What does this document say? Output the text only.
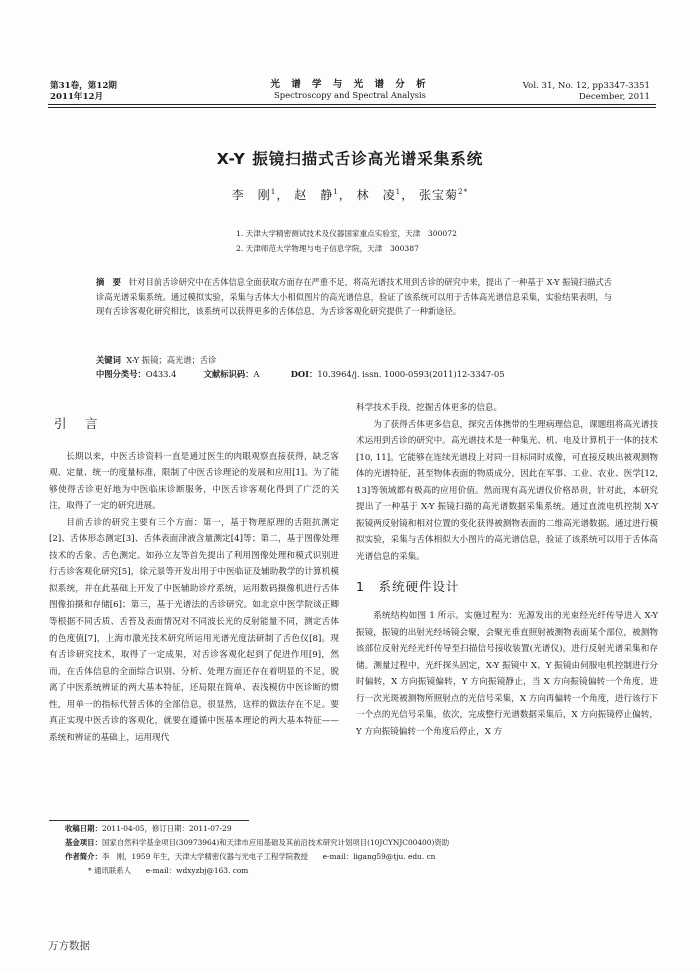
第31卷，第12期
2011年12月
光 谱 学 与 光 谱 分 析
Spectroscopy and Spectral Analysis
Vol. 31, No. 12, pp3347-3351
December, 2011
X-Y 振镜扫描式舌诊高光谱采集系统
李　刚$^1$， 赵　静$^1$， 林　凌$^1$， 张宝菊$^{2*}$
1. 天津大学精密测试技术及仪器国家重点实验室，天津　300072
2. 天津师范大学物理与电子信息学院，天津　300387
摘　要 针对目前舌诊研究中在舌体信息全面获取方面存在严重不足，将高光谱技术用到舌诊的研究中来，提出了一种基于 X-Y 振镜扫描式舌诊高光谱采集系统。通过模拟实验，采集与舌体大小相似图片的高光谱信息，验证了该系统可以用于舌体高光谱信息采集，实验结果表明，与现有舌诊客观化研究相比，该系统可以获得更多的舌体信息，为舌诊客观化研究提供了一种新途径。
关键词 X-Y 振镜；高光谱；舌诊
中图分类号：O433.4	文献标识码：A	DOI：10.3964/j. issn. 1000-0593(2011)12-3347-05
引　言

长期以来，中医舌诊资料一直是通过医生的肉眼观察直接获得，缺乏客观、定量、统一的度量标准，限制了中医舌诊理论的发展和应用[1]。为了能够使得舌诊更好地为中医临床诊断服务，中医舌诊客观化得到了广泛的关注，取得了一定的研究进展。

目前舌诊的研究主要有三个方面：第一，基于物理原理的舌阻抗测定[2]、舌体形态测定[3]、舌体表面津液含量测定[4]等；第二，基于图像处理技术的舌象、舌色测定。如孙立友等首先提出了利用图像处理和模式识别进行舌诊客观化研究[5]，徐元景等开发出用于中医临证及辅助教学的计算机模拟系统，并在此基础上开发了中医辅助诊疗系统，运用数码摄像机进行舌体图像拍摄和存储[6]；第三，基于光谱法的舌诊研究。如北京中医学院谈正卿等根据不同舌质、舌苔及表面情况对不同波长光的反射能量不同，测定舌体的色度值[7]，上海市激光技术研究所运用光谱光度法研制了舌色仪[8]。现有舌诊研究技术，取得了一定成果，对舌诊客观化起到了促进作用[9]，然而，在舌体信息的全面综合识别、分析、处理方面还存在着明显的不足，脱离了中医系统辨证的两大基本特征，还局限在简单、表浅模仿中医诊断的惯性，用单一的指标代替舌体的全部信息，很显然，这样的做法存在不足。要真正实现中医舌诊的客观化，就要在遵循中医基本理论的两大基本特征——系统和辨证的基础上，运用现代

科学技术手段，挖掘舌体更多的信息。

为了获得舌体更多信息，探究舌体携带的生理病理信息，课题组将高光谱技术运用到舌诊的研究中。高光谱技术是一种集光、机、电及计算机于一体的技术[10, 11]。它能够在连续光谱段上对同一目标同时成像，可直接反映出被观测物体的光谱特征，甚至物体表面的物质成分，因此在军事、工业、农业、医学[12, 13]等领域都有极高的应用价值。然而现有高光谱仪价格昂贵，针对此，本研究提出了一种基于 X-Y 振镜扫描的高光谱数据采集系统。通过直流电机控制 X-Y 振镜两反射镜和相对位置的变化获得被测物表面的二维高光谱数据。通过进行模拟实验，采集与舌体相似大小图片的高光谱信息，验证了该系统可以用于舌体高光谱信息的采集。

1　系统硬件设计

系统结构如图 1 所示。实施过程为：光源发出的光束经光纤传导进入 X-Y 振镜，振镜的出射光经场镜会聚，会聚光垂直照射被测物表面某个部位，被测物该部位反射光经光纤传导至扫描信号接收装置(光谱仪)，进行反射光谱采集和存储。测量过程中，光纤探头固定，X-Y 振镜中 X、Y 振镜由伺服电机控制进行分时偏转，X 方向振镜偏转，Y 方向振镜静止，当 X 方向振镜偏转一个角度，进行一次光斑被测物所照射点的光信号采集，X 方向再偏转一个角度，进行该行下一个点的光信号采集，依次，完成整行光谱数据采集后，X 方向振镜停止偏转，Y 方向振镜偏转一个角度后停止，X 方

收稿日期：2011-04-05，修订日期：2011-07-29
基金项目：国家自然科学基金项目(30973964)和天津市应用基础及其前沿技术研究计划项目(10JCYNJC00400)资助
作者简介：李　刚，1959 年生，天津大学精密仪器与光电子工程学院教授　　e-mail：ligang59@tju. edu. cn
* 通讯联系人　　e-mail：wdxyzbj@163. com
万方数据
